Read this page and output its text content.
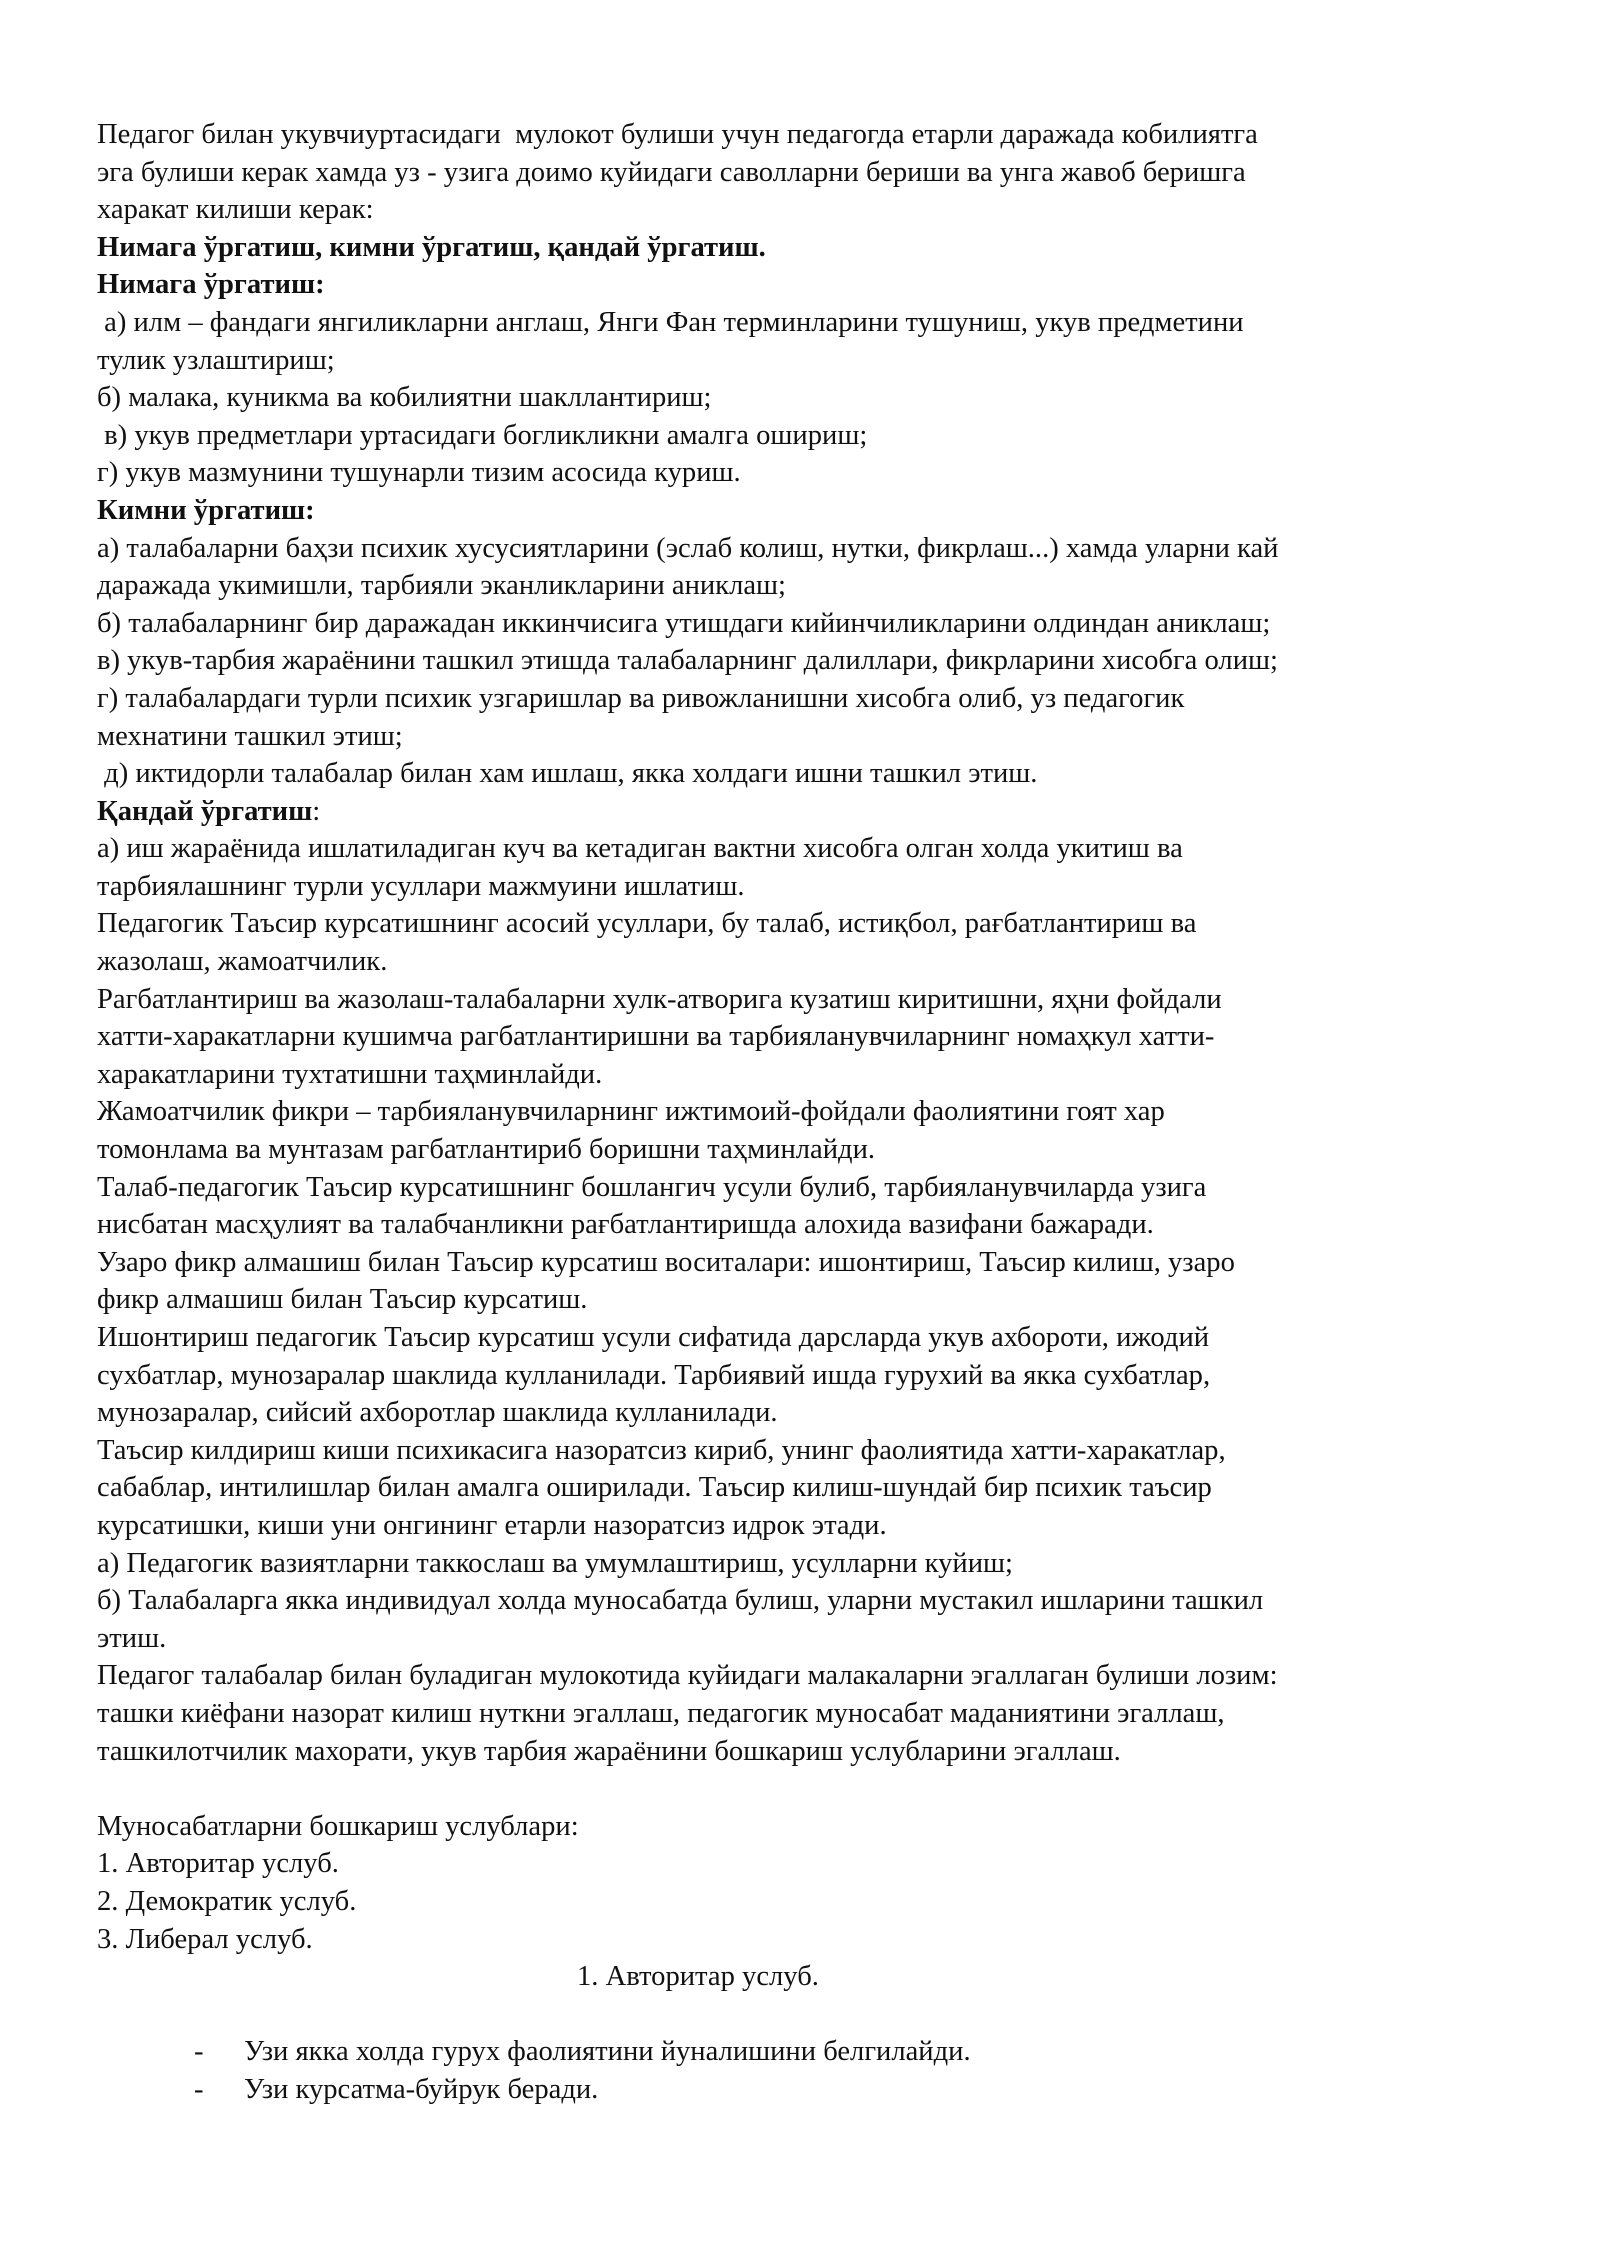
Педагог билан укувчиуртасидаги  мулокот булиши учун педагогда етарли даражада кобилиятга
эга булиши керак хамда уз - узига доимо куйидаги саволларни бериши ва унга жавоб беришга
харакат килиши керак:
Нимага ўргатиш, кимни ўргатиш, қандай ўргатиш.
Нимага ўргатиш:
а) илм – фандаги янгиликларни англаш, Янги Фан терминларини тушуниш, укув предметини
тулик узлаштириш;
б) малака, куникма ва кобилиятни шакллантириш;
в) укув предметлари уртасидаги богликликни амалга ошириш;
г) укув мазмунини тушунарли тизим асосида куриш.
Кимни ўргатиш:
а) талабаларни баҳзи психик хусусиятларини (эслаб колиш, нутки, фикрлаш...) хамда уларни кай
даражада укимишли, тарбияли эканликларини аниклаш;
б) талабаларнинг бир даражадан иккинчисига утишдаги кийинчиликларини олдиндан аниклаш;
в) укув-тарбия жараёнини ташкил этишда талабаларнинг далиллари, фикрларини хисобга олиш;
г) талабалардаги турли психик узгаришлар ва ривожланишни хисобга олиб, уз педагогик
мехнатини ташкил этиш;
д) иктидорли талабалар билан хам ишлаш, якка холдаги ишни ташкил этиш.
Қандай ўргатиш:
а) иш жараёнида ишлатиладиган куч ва кетадиган вактни хисобга олган холда укитиш ва
тарбиялашнинг турли усуллари мажмуини ишлатиш.
Педагогик Таъсир курсатишнинг асосий усуллари, бу талаб, истиқбол, рағбатлантириш ва
жазолаш, жамоатчилик.
Рагбатлантириш ва жазолаш-талабаларни хулк-атворига кузатиш киритишни, яҳни фойдали
хатти-харакатларни кушимча рагбатлантиришни ва тарбияланувчиларнинг номаҳкул хатти-
харакатларини тухтатишни таҳминлайди.
Жамоатчилик фикри – тарбияланувчиларнинг ижтимоий-фойдали фаолиятини гоят хар
томонлама ва мунтазам рагбатлантириб боришни таҳминлайди.
Талаб-педагогик Таъсир курсатишнинг бошлангич усули булиб, тарбияланувчиларда узига
нисбатан масҳулият ва талабчанликни рағбатлантиришда алохида вазифани бажаради.
Узаро фикр алмашиш билан Таъсир курсатиш воситалари: ишонтириш, Таъсир килиш, узаро
фикр алмашиш билан Таъсир курсатиш.
Ишонтириш педагогик Таъсир курсатиш усули сифатида дарсларда укув ахбороти, ижодий
сухбатлар, мунозаралар шаклида кулланилади. Тарбиявий ишда гурухий ва якка сухбатлар,
мунозаралар, сийсий ахборотлар шаклида кулланилади.
Таъсир килдириш киши психикасига назоратсиз кириб, унинг фаолиятида хатти-харакатлар,
сабаблар, интилишлар билан амалга оширилади. Таъсир килиш-шундай бир психик таъсир
курсатишки, киши уни онгининг етарли назоратсиз идрок этади.
а) Педагогик вазиятларни таккослаш ва умумлаштириш, усулларни куйиш;
б) Талабаларга якка индивидуал холда муносабатда булиш, уларни мустакил ишларини ташкил
этиш.
Педагог талабалар билан буладиган мулокотида куйидаги малакаларни эгаллаган булиши лозим:
ташки киёфани назорат килиш нуткни эгаллаш, педагогик муносабат маданиятини эгаллаш,
ташкилотчилик махорати, укув тарбия жараёнини бошкариш услубларини эгаллаш.
Муносабатларни бошкариш услублари:
1. Авторитар услуб.
2. Демократик услуб.
3. Либерал услуб.
1. Авторитар услуб.
- Узи якка холда гурух фаолиятини йуналишини белгилайди.
- Узи курсатма-буйрук беради.
